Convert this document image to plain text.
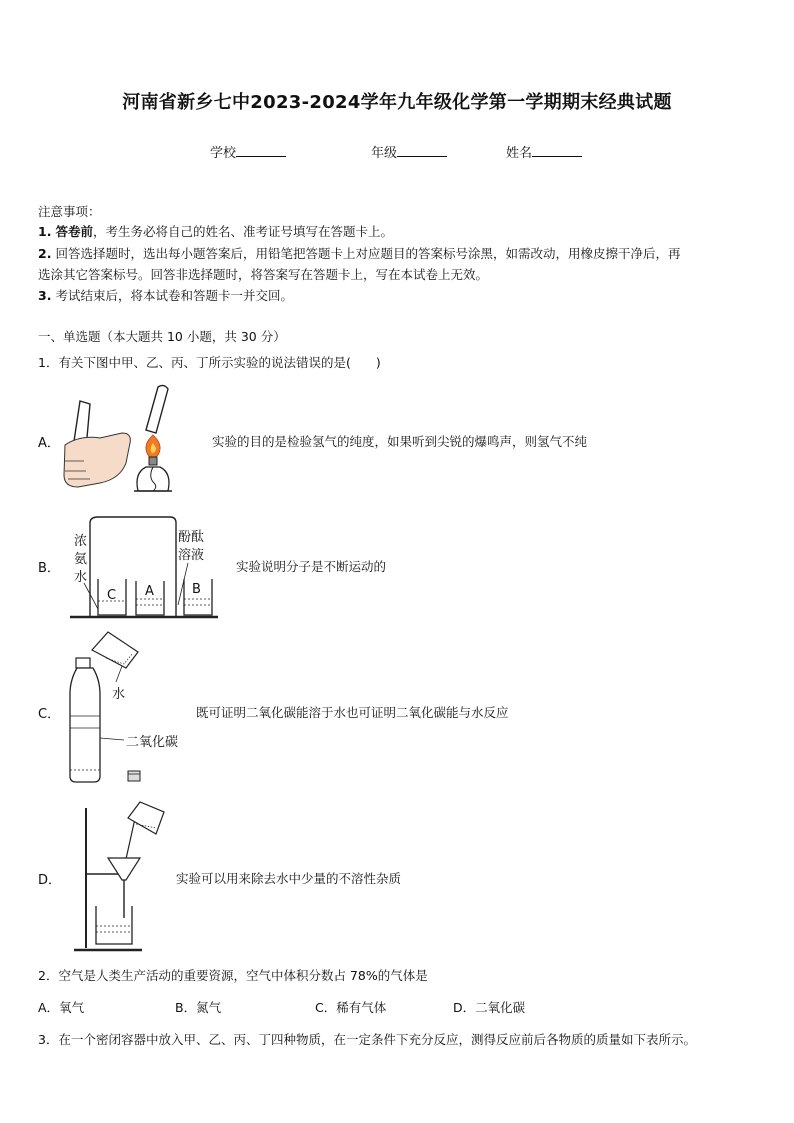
河南省新乡七中2023-2024学年九年级化学第一学期期末经典试题
学校	年级	姓名
注意事项：
1. 答卷前，考生务必将自己的姓名、准考证号填写在答题卡上。
2. 回答选择题时，选出每小题答案后，用铅笔把答题卡上对应题目的答案标号涂黑，如需改动，用橡皮擦干净后，再
选涂其它答案标号。回答非选择题时，将答案写在答题卡上，写在本试卷上无效。
3. 考试结束后，将本试卷和答题卡一并交回。
一、单选题（本大题共 10 小题，共 30 分）
1．有关下图中甲、乙、丙、丁所示实验的说法错误的是(　　)
A．	实验的目的是检验氢气的纯度，如果听到尖锐的爆鸣声，则氢气不纯
B．
浓
氨
水
酚酞
溶液
C A	B
实验说明分子是不断运动的
C．
水
二氧化碳
既可证明二氧化碳能溶于水也可证明二氧化碳能与水反应
D．	实验可以用来除去水中少量的不溶性杂质
2．空气是人类生产活动的重要资源，空气中体积分数占 78%的气体是
A．氧气	B．氮气	C．稀有气体	D．二氧化碳
3．在一个密闭容器中放入甲、乙、丙、丁四种物质，在一定条件下充分反应，测得反应前后各物质的质量如下表所示。
